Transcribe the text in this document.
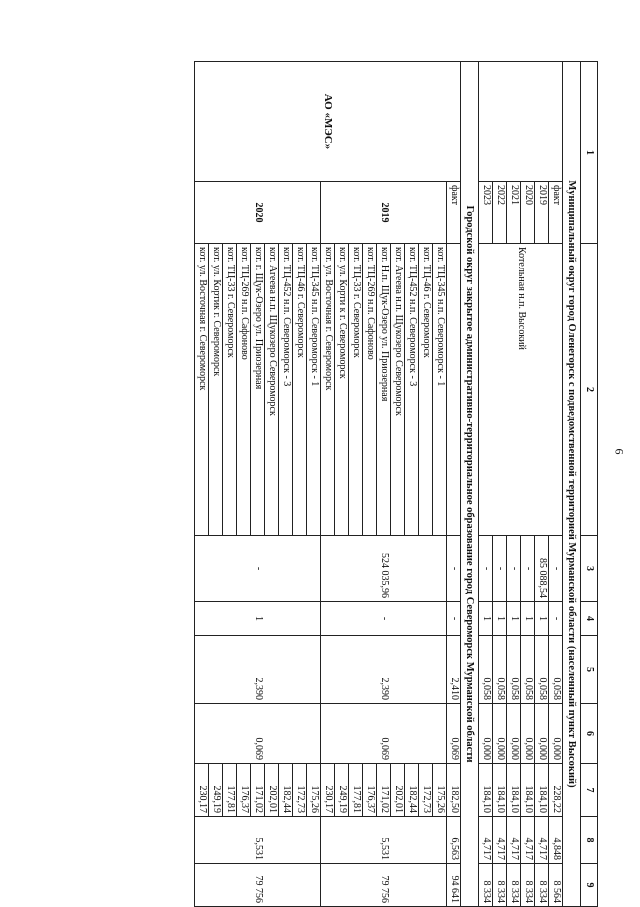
6
1		2	3	4	5	6	7	8	9
Муниципальный округ город Оленегорск с подведомственной территорией Мурманской области (населенный пункт Высокий)									
	факт	Котельная н.п. Высокий	-	-	0,058	0,000	228,22	4,848	8 564
	2019		85 088,54	1	0,058	0,000	184,10	4,717	8 334
	2020		-	1	0,058	0,000	184,10	4,717	8 334
	2021		-	1	0,058	0,000	184,10	4,717	8 334
	2022		-	1	0,058	0,000	184,10	4,717	8 334
	2023		-	1	0,058	0,000	184,10	4,717	8 334
Городской округ закрытое административно-территориальное образование город Североморск Мурманской области									
АО «МЭС»	факт		-	-	2,410	0,069	182,50	6,563	94 641
	2019	кот. ТЦ-345 н.п. Североморск - 1	524 035,96	-	2,390	0,069	175,26	5,531	79 756
		кот. ТЦ-46 г. Североморск					172,73		
		кот. ТЦ-452 н.п. Североморск - 3					182,44		
		кот. Агеева н.п. Щукозеро Североморск					202,01		
		кот. Н.п. Щук-Озеро ул. Приозерная					171,02		
		кот. ТЦ-269 н.п. Сафоново					176,37		
		кот. ТЦ-33 г. Североморск					177,81		
		кот. ул. Корти к г. Североморск					249,19		
		кот. ул. Восточная г. Североморск					230,17		
	2020	кот. ТЦ-345 н.п. Североморск - 1	-	1	2,390	0,069	175,26	5,531	79 756
		кот. ТЦ-46 г. Североморск					172,73		
		кот. ТЦ-452 н.п. Североморск - 3					182,44		
		кот. Агеева н.п. Щукозеро Североморск					202,01		
		кот. г. Щук-Озеро ул. Приозерная					171,02		
		кот. ТЦ-269 н.п. Сафоново					176,37		
		кот. ТЦ-33 г. Североморск					177,81		
		кот. ул. Кортик г. Североморск					249,19		
		кот. ул. Восточная г. Североморск					230,17		
